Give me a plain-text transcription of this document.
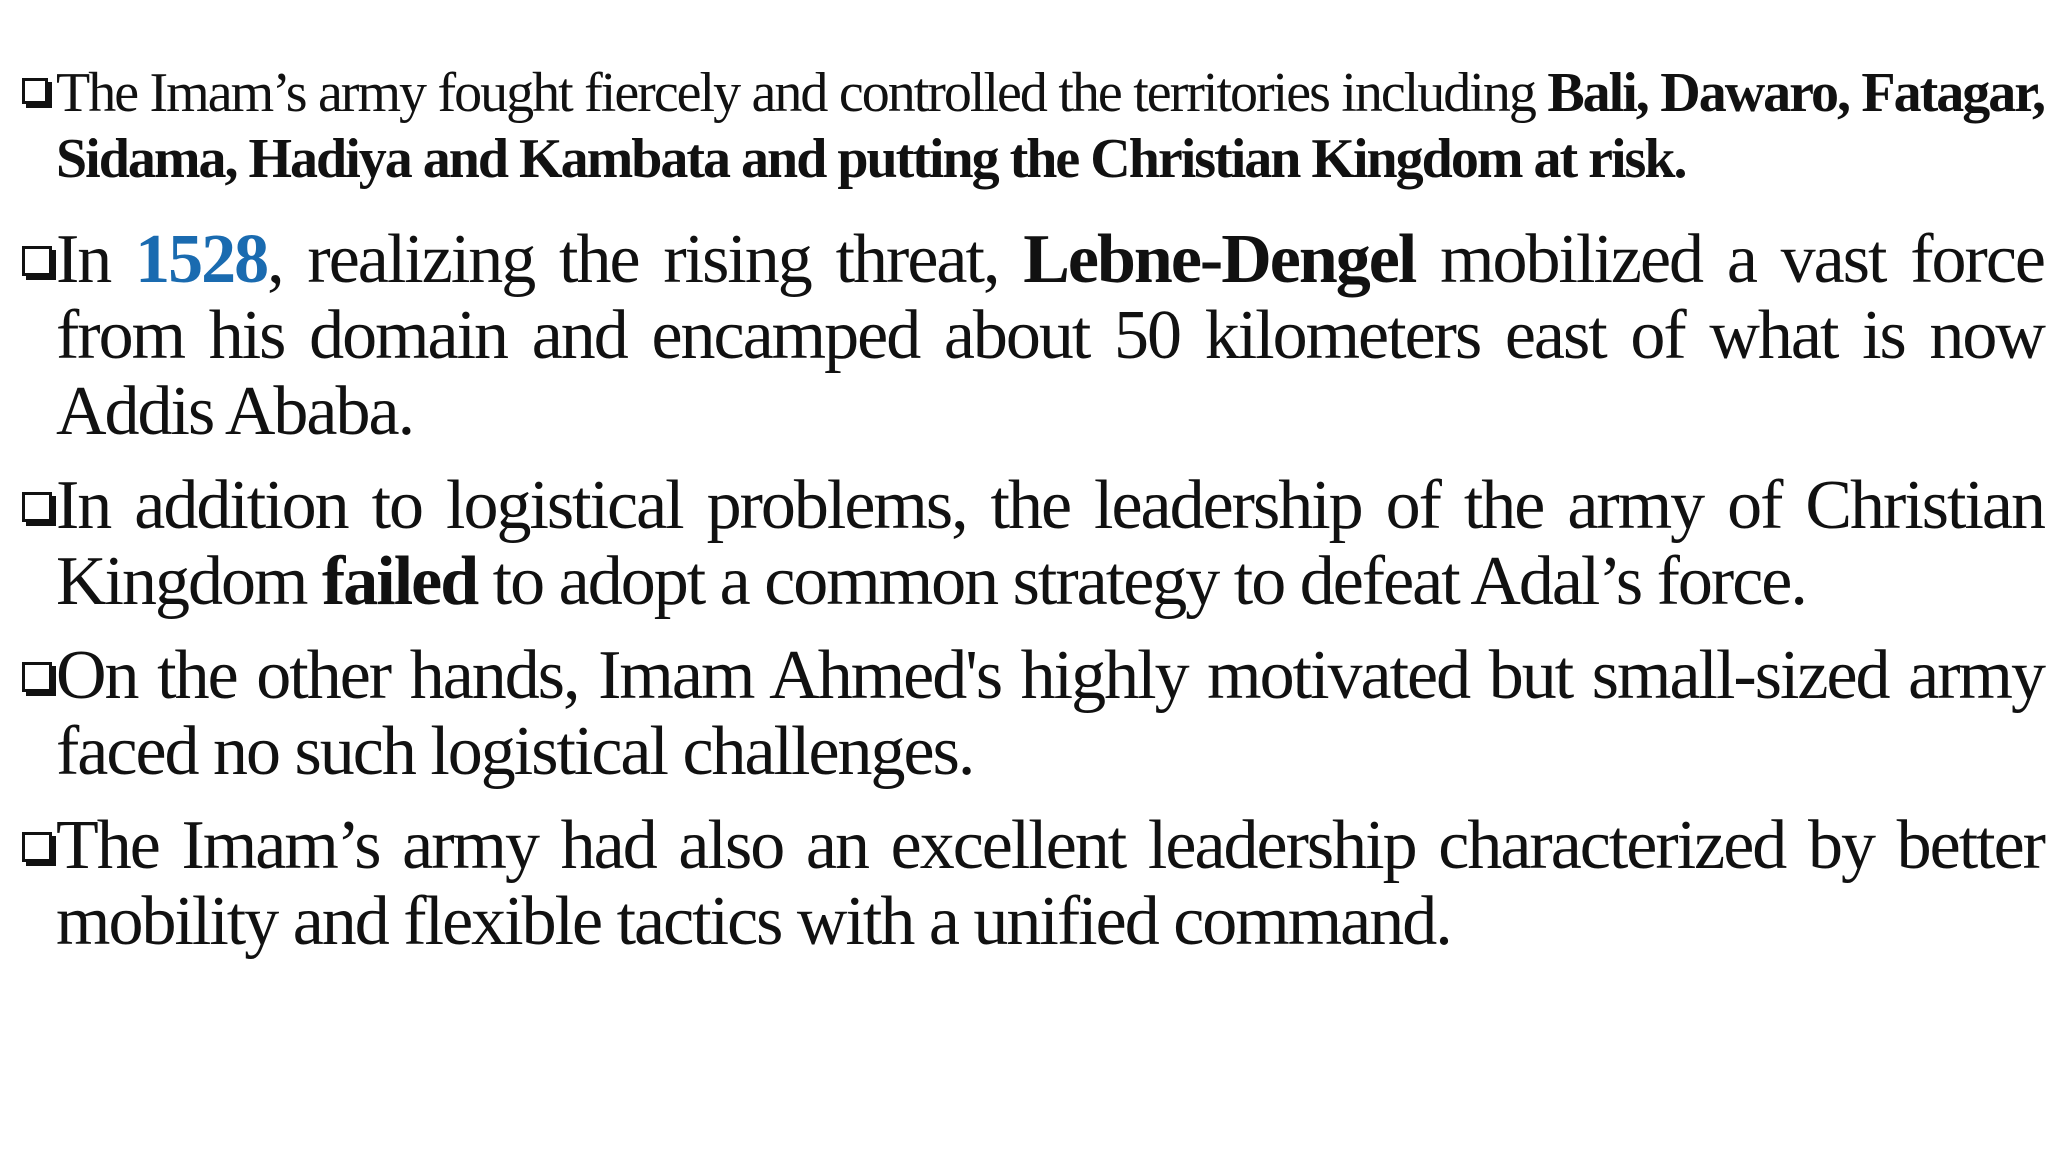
The Imam’s army fought fiercely and controlled the territories including Bali, Dawaro, Fatagar, Sidama, Hadiya and Kambata and putting the Christian Kingdom at risk.
In 1528, realizing the rising threat, Lebne-Dengel mobilized a vast force from his domain and encamped about 50 kilometers east of what is now Addis Ababa.
In addition to logistical problems, the leadership of the army of Christian Kingdom failed to adopt a common strategy to defeat Adal’s force.
On the other hands, Imam Ahmed's highly motivated but small-sized army faced no such logistical challenges.
The Imam’s army had also an excellent leadership characterized by better mobility and flexible tactics with a unified command.
